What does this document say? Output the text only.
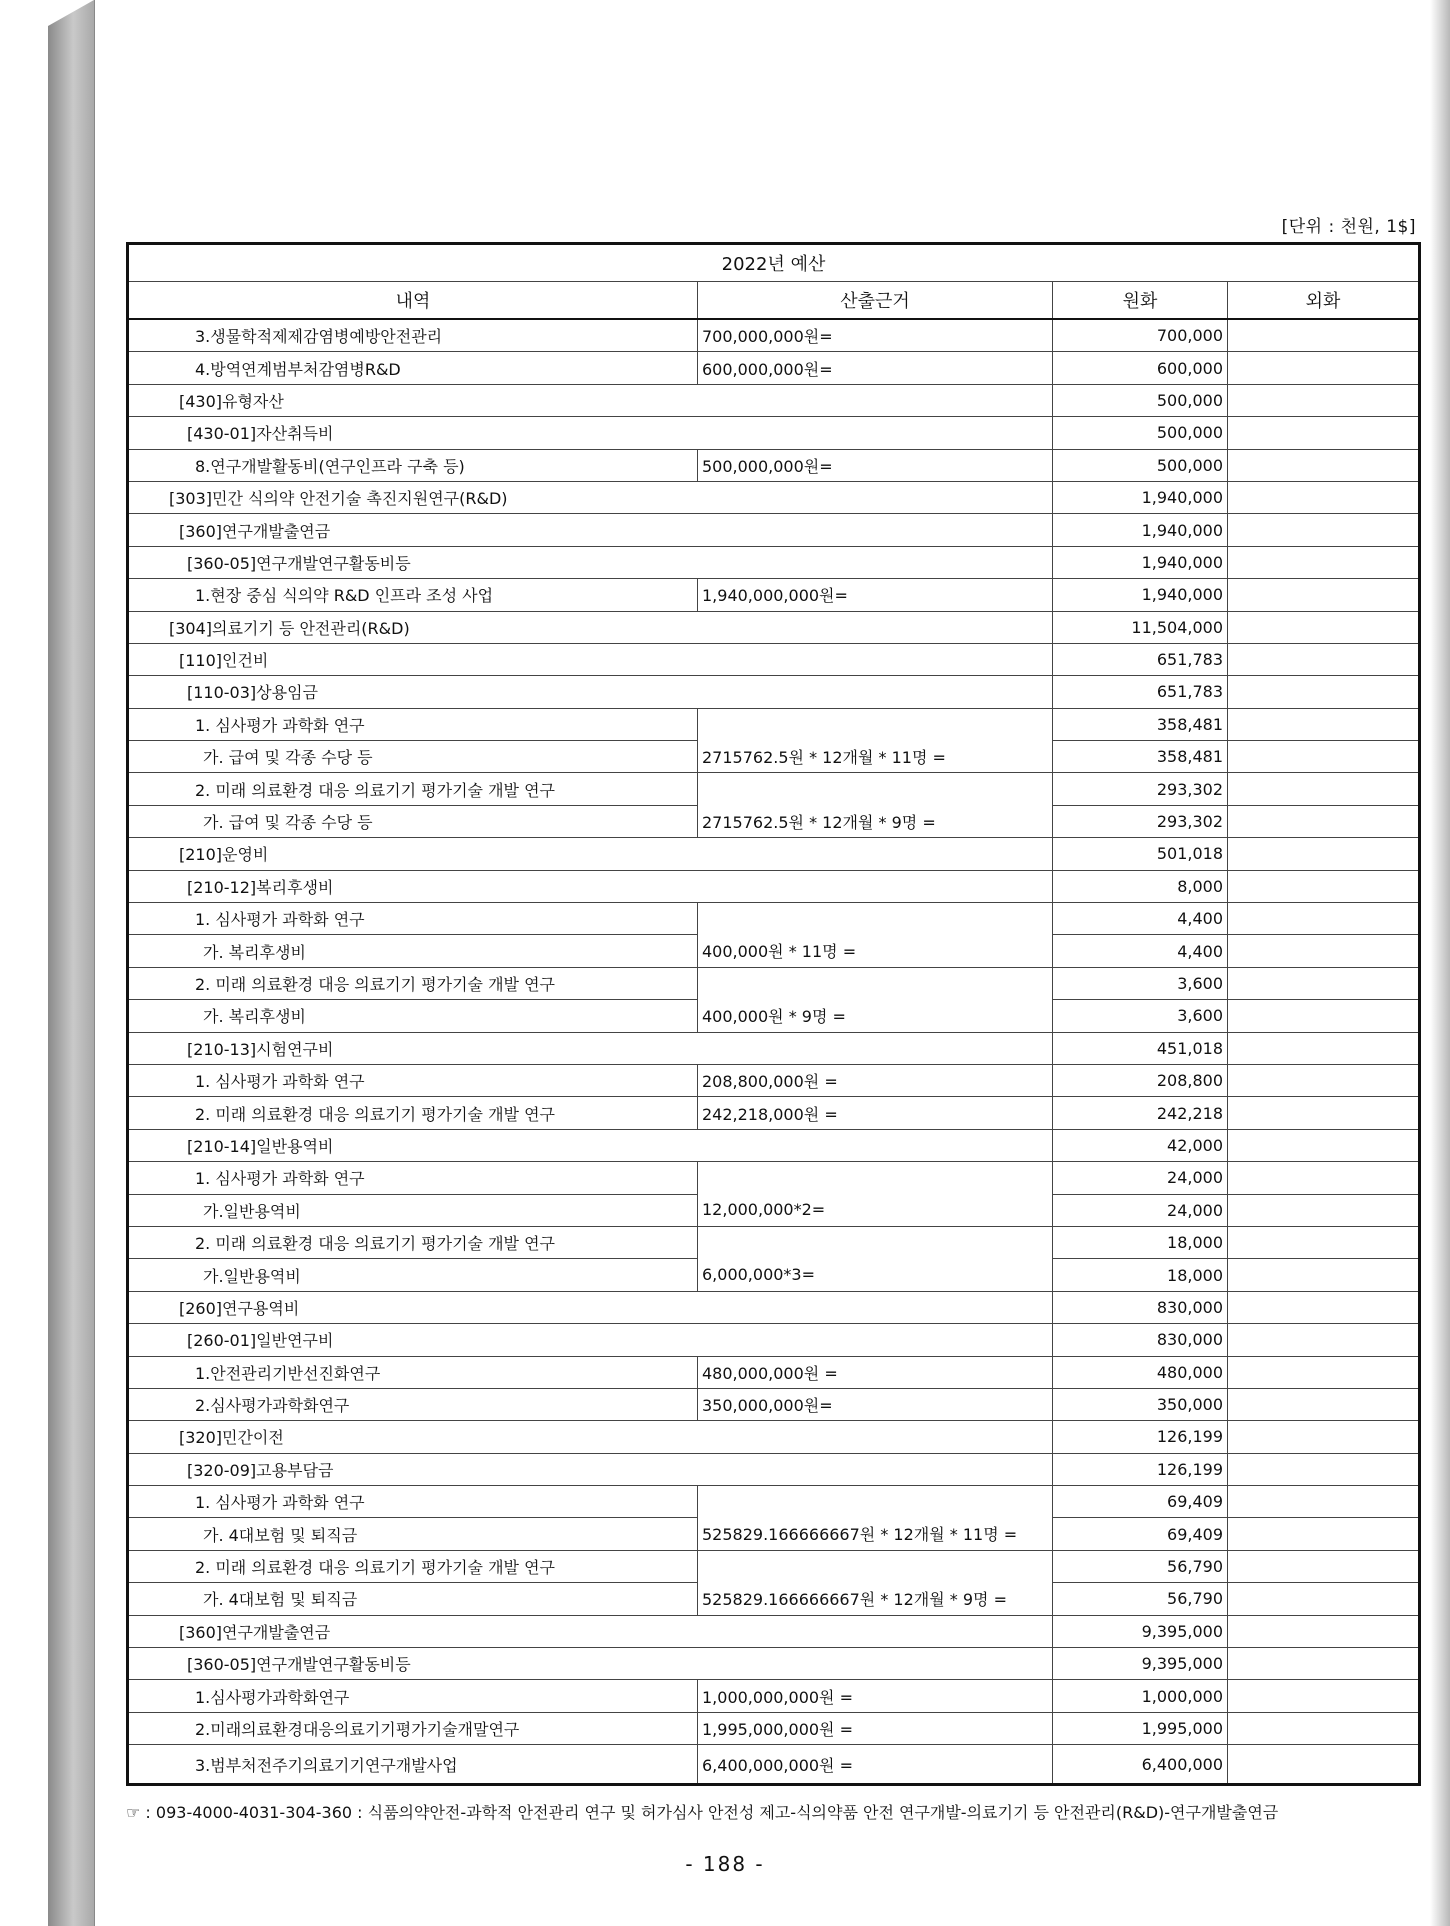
[단위 : 천원, 1$]
2022년 예산			
내역	산출근거	원화	외화
3.생물학적제제감염병예방안전관리	700,000,000원=	700,000	
4.방역연계범부처감염병R&D	600,000,000원=	600,000	
[430]유형자산		500,000	
[430-01]자산취득비		500,000	
8.연구개발활동비(연구인프라 구축 등)	500,000,000원=	500,000	
[303]민간 식의약 안전기술 촉진지원연구(R&D)		1,940,000	
[360]연구개발출연금		1,940,000	
[360-05]연구개발연구활동비등		1,940,000	
1.현장 중심 식의약 R&D 인프라 조성 사업	1,940,000,000원=	1,940,000	
[304]의료기기 등 안전관리(R&D)		11,504,000	
[110]인건비		651,783	
[110-03]상용임금		651,783	
1. 심사평가 과학화 연구		358,481	
가. 급여 및 각종 수당 등	2715762.5원 * 12개월 * 11명 =	358,481	
2. 미래 의료환경 대응 의료기기 평가기술 개발 연구		293,302	
가. 급여 및 각종 수당 등	2715762.5원 * 12개월 * 9명 =	293,302	
[210]운영비		501,018	
[210-12]복리후생비		8,000	
1. 심사평가 과학화 연구		4,400	
가. 복리후생비	400,000원 * 11명 =	4,400	
2. 미래 의료환경 대응 의료기기 평가기술 개발 연구		3,600	
가. 복리후생비	400,000원 * 9명 =	3,600	
[210-13]시험연구비		451,018	
1. 심사평가 과학화 연구	208,800,000원 =	208,800	
2. 미래 의료환경 대응 의료기기 평가기술 개발 연구	242,218,000원 =	242,218	
[210-14]일반용역비		42,000	
1. 심사평가 과학화 연구		24,000	
가.일반용역비	12,000,000*2=	24,000	
2. 미래 의료환경 대응 의료기기 평가기술 개발 연구		18,000	
가.일반용역비	6,000,000*3=	18,000	
[260]연구용역비		830,000	
[260-01]일반연구비		830,000	
1.안전관리기반선진화연구	480,000,000원 =	480,000	
2.심사평가과학화연구	350,000,000원=	350,000	
[320]민간이전		126,199	
[320-09]고용부담금		126,199	
1. 심사평가 과학화 연구		69,409	
가. 4대보험 및 퇴직금	525829.166666667원 * 12개월 * 11명 =	69,409	
2. 미래 의료환경 대응 의료기기 평가기술 개발 연구		56,790	
가. 4대보험 및 퇴직금	525829.166666667원 * 12개월 * 9명 =	56,790	
[360]연구개발출연금		9,395,000	
[360-05]연구개발연구활동비등		9,395,000	
1.심사평가과학화연구	1,000,000,000원 =	1,000,000	
2.미래의료환경대응의료기기평가기술개말연구	1,995,000,000원 =	1,995,000	
3.범부처전주기의료기기연구개발사업	6,400,000,000원 =	6,400,000	
☞ : 093-4000-4031-304-360 : 식품의약안전-과학적 안전관리 연구 및 허가심사 안전성 제고-식의약품 안전 연구개발-의료기기 등 안전관리(R&D)-연구개발출연금
- 188 -
